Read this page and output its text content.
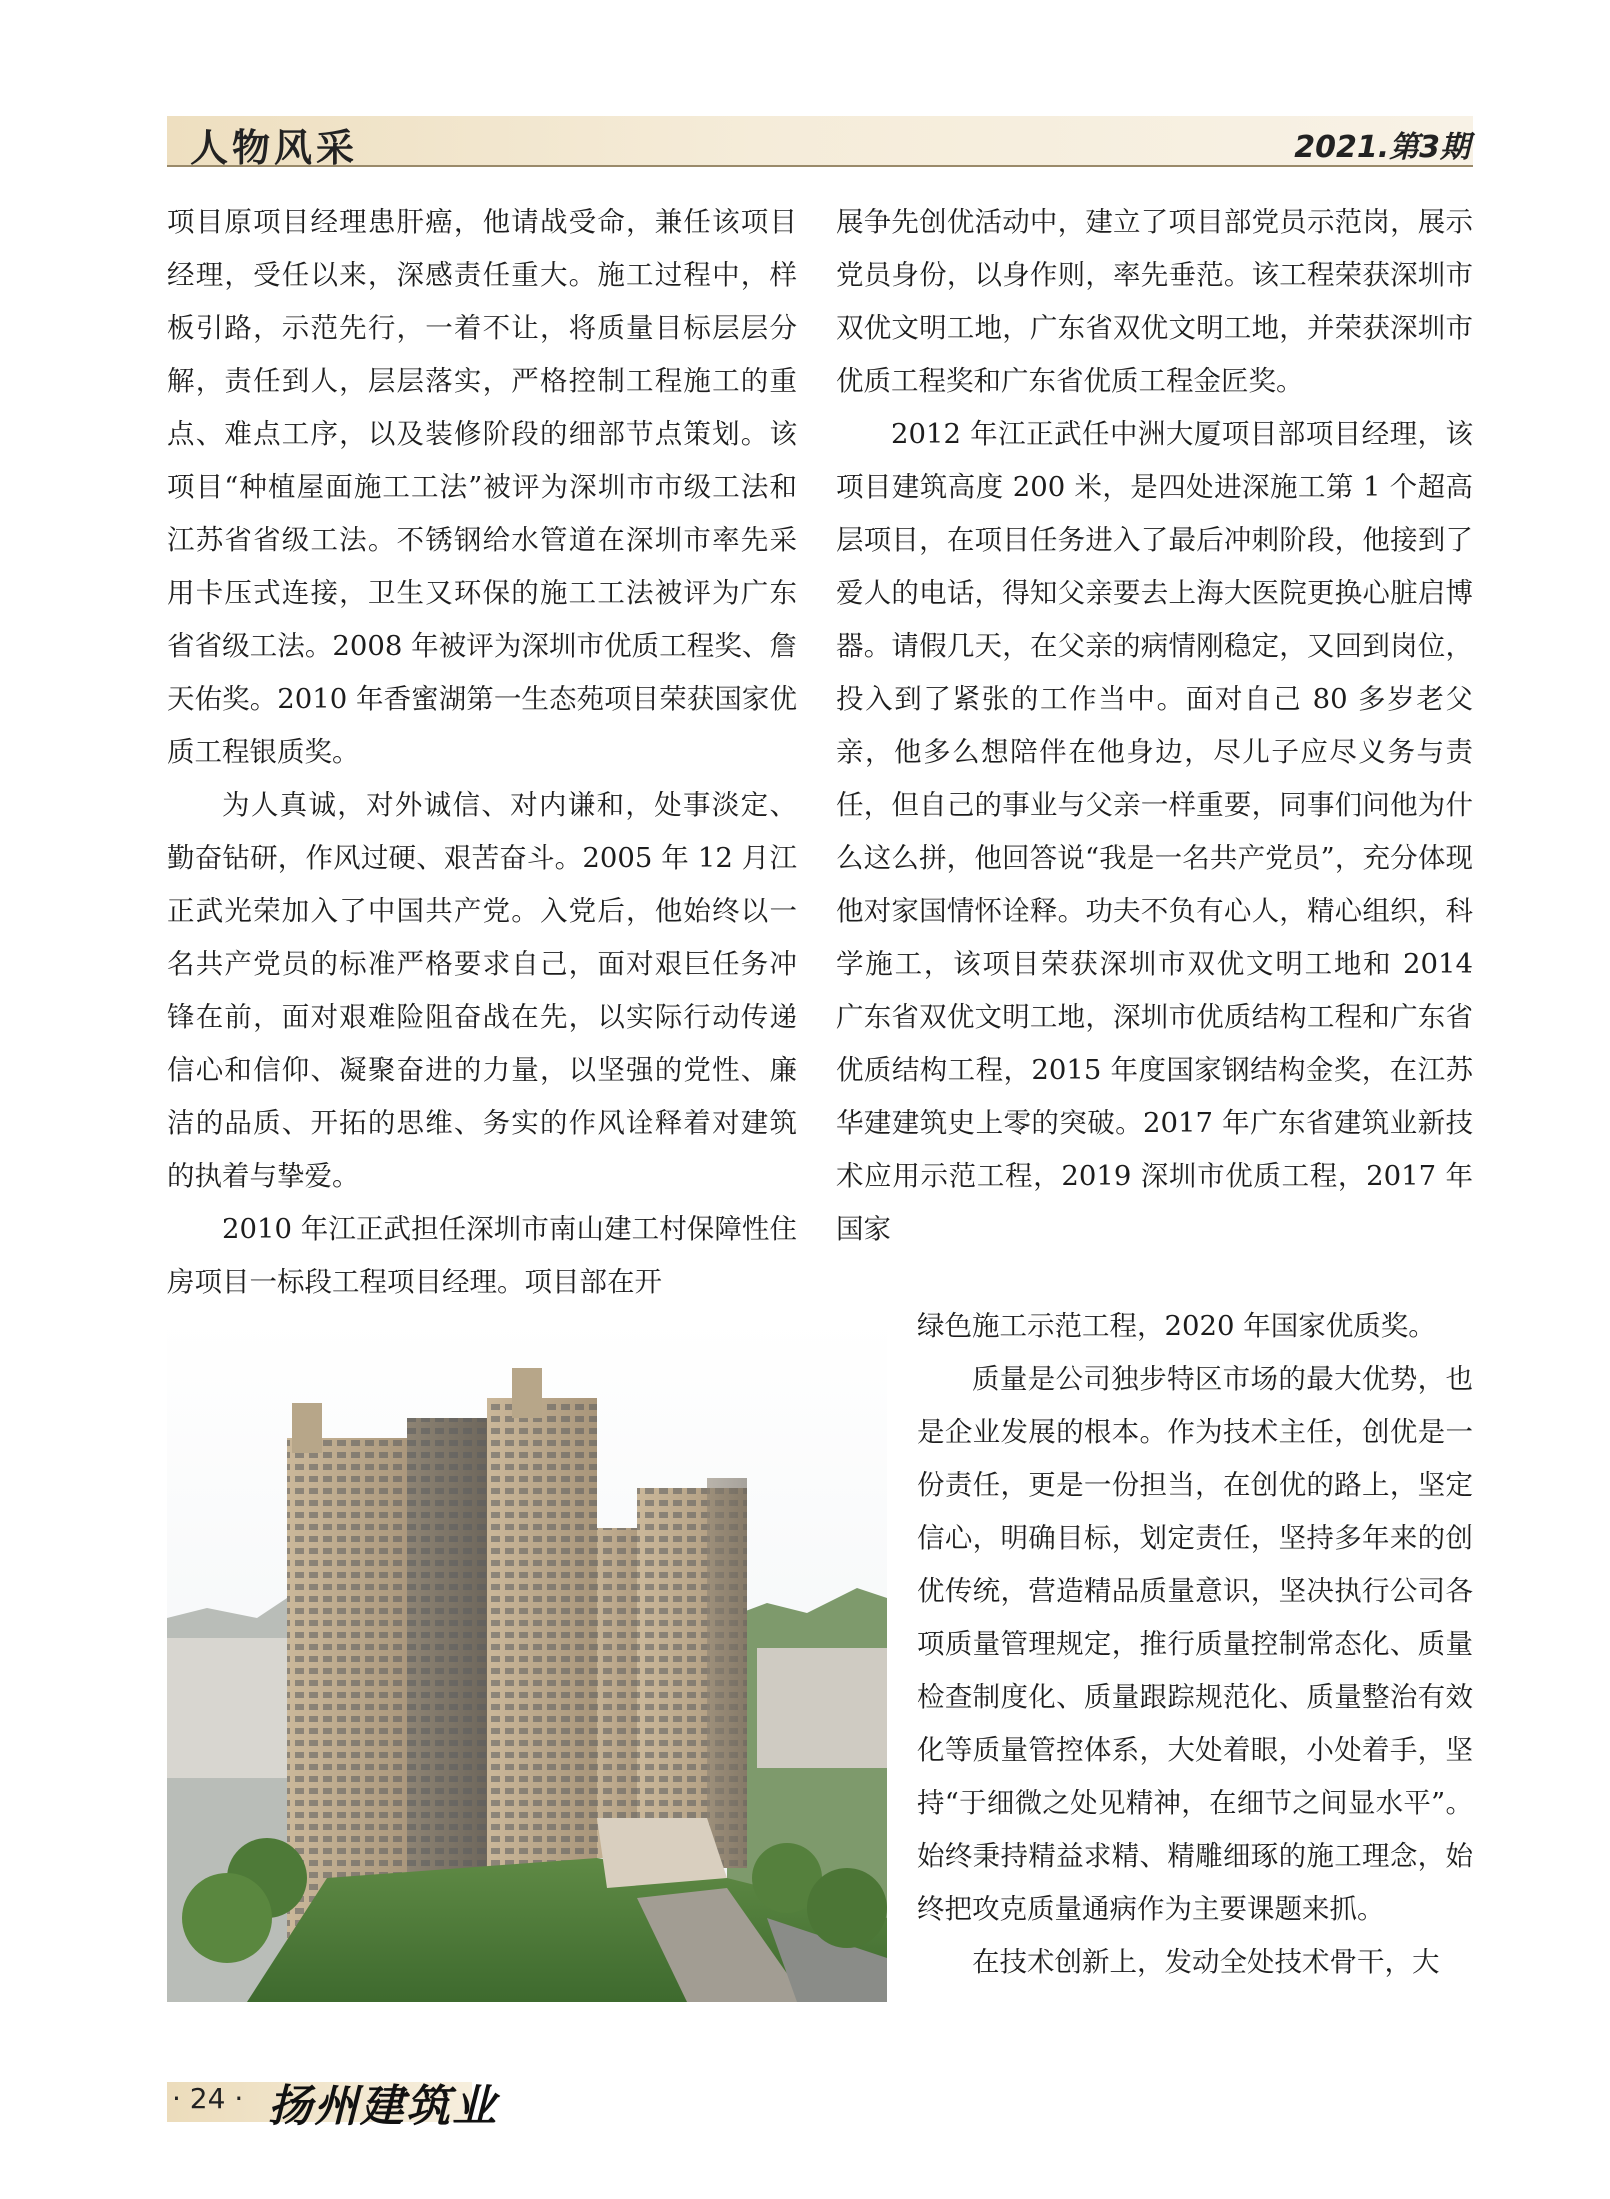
人物风采	2021.第3期

项目原项目经理患肝癌，他请战受命，兼任该项目经理，受任以来，深感责任重大。施工过程中，样板引路，示范先行，一着不让，将质量目标层层分解，责任到人，层层落实，严格控制工程施工的重点、难点工序，以及装修阶段的细部节点策划。该项目“种植屋面施工工法”被评为深圳市市级工法和江苏省省级工法。不锈钢给水管道在深圳市率先采用卡压式连接，卫生又环保的施工工法被评为广东省省级工法。2008 年被评为深圳市优质工程奖、詹天佑奖。2010 年香蜜湖第一生态苑项目荣获国家优质工程银质奖。

为人真诚，对外诚信、对内谦和，处事淡定、勤奋钻研，作风过硬、艰苦奋斗。2005 年 12 月江正武光荣加入了中国共产党。入党后，他始终以一名共产党员的标准严格要求自己，面对艰巨任务冲锋在前，面对艰难险阻奋战在先，以实际行动传递信心和信仰、凝聚奋进的力量，以坚强的党性、廉洁的品质、开拓的思维、务实的作风诠释着对建筑的执着与挚爱。

2010 年江正武担任深圳市南山建工村保障性住房项目一标段工程项目经理。项目部在开

展争先创优活动中，建立了项目部党员示范岗，展示党员身份，以身作则，率先垂范。该工程荣获深圳市双优文明工地，广东省双优文明工地，并荣获深圳市优质工程奖和广东省优质工程金匠奖。

2012 年江正武任中洲大厦项目部项目经理，该项目建筑高度 200 米，是四处进深施工第 1 个超高层项目，在项目任务进入了最后冲刺阶段，他接到了爱人的电话，得知父亲要去上海大医院更换心脏启博器。请假几天，在父亲的病情刚稳定，又回到岗位，投入到了紧张的工作当中。面对自己 80 多岁老父亲，他多么想陪伴在他身边，尽儿子应尽义务与责任，但自己的事业与父亲一样重要，同事们问他为什么这么拼，他回答说“我是一名共产党员”，充分体现他对家国情怀诠释。功夫不负有心人，精心组织，科学施工，该项目荣获深圳市双优文明工地和 2014 广东省双优文明工地，深圳市优质结构工程和广东省优质结构工程，2015 年度国家钢结构金奖，在江苏华建建筑史上零的突破。2017 年广东省建筑业新技术应用示范工程，2019 深圳市优质工程，2017 年国家

绿色施工示范工程，2020 年国家优质奖。

质量是公司独步特区市场的最大优势，也是企业发展的根本。作为技术主任，创优是一份责任，更是一份担当，在创优的路上，坚定信心，明确目标，划定责任，坚持多年来的创优传统，营造精品质量意识，坚决执行公司各项质量管理规定，推行质量控制常态化、质量检查制度化、质量跟踪规范化、质量整治有效化等质量管控体系，大处着眼，小处着手，坚持“于细微之处见精神，在细节之间显水平”。始终秉持精益求精、精雕细琢的施工理念，始终把攻克质量通病作为主要课题来抓。

在技术创新上，发动全处技术骨干，大

· 24 · 扬州建筑业
